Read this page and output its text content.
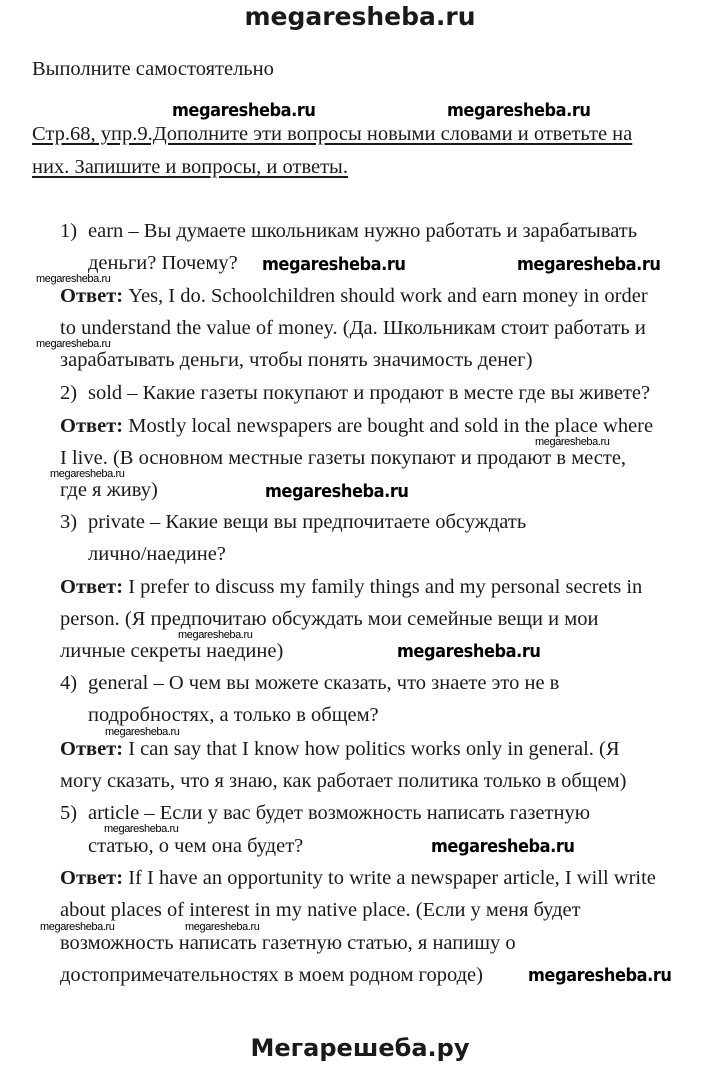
megaresheba.ru
Выполните самостоятельно
Стр.68, упр.9.Дополните эти вопросы новыми словами и ответьте на
них. Запишите и вопросы, и ответы.
1) earn – Вы думаете школьникам нужно работать и зарабатывать
деньги? Почему?
Ответ: Yes, I do. Schoolchildren should work and earn money in order
to understand the value of money. (Да. Школьникам стоит работать и
зарабатывать деньги, чтобы понять значимость денег)
2) sold – Какие газеты покупают и продают в месте где вы живете?
Ответ: Mostly local newspapers are bought and sold in the place where
I live. (В основном местные газеты покупают и продают в месте,
где я живу)
3) private – Какие вещи вы предпочитаете обсуждать
лично/наедине?
Ответ: I prefer to discuss my family things and my personal secrets in
person. (Я предпочитаю обсуждать мои семейные вещи и мои
личные секреты наедине)
4) general – О чем вы можете сказать, что знаете это не в
подробностях, а только в общем?
Ответ: I can say that I know how politics works only in general. (Я
могу сказать, что я знаю, как работает политика только в общем)
5) article – Если у вас будет возможность написать газетную
статью, о чем она будет?
Ответ: If I have an opportunity to write a newspaper article, I will write
about places of interest in my native place. (Если у меня будет
возможность написать газетную статью, я напишу о
достопримечательностях в моем родном городе)
megaresheba.ru	megaresheba.ru
megaresheba.ru	megaresheba.ru
megaresheba.ru
megaresheba.ru
megaresheba.ru
megaresheba.ru
megaresheba.ru
megaresheba.ru
megaresheba.ru
megaresheba.ru
megaresheba.ru
megaresheba.ru
megaresheba.ru	megaresheba.ru
megaresheba.ru
Мегарешеба.ру
